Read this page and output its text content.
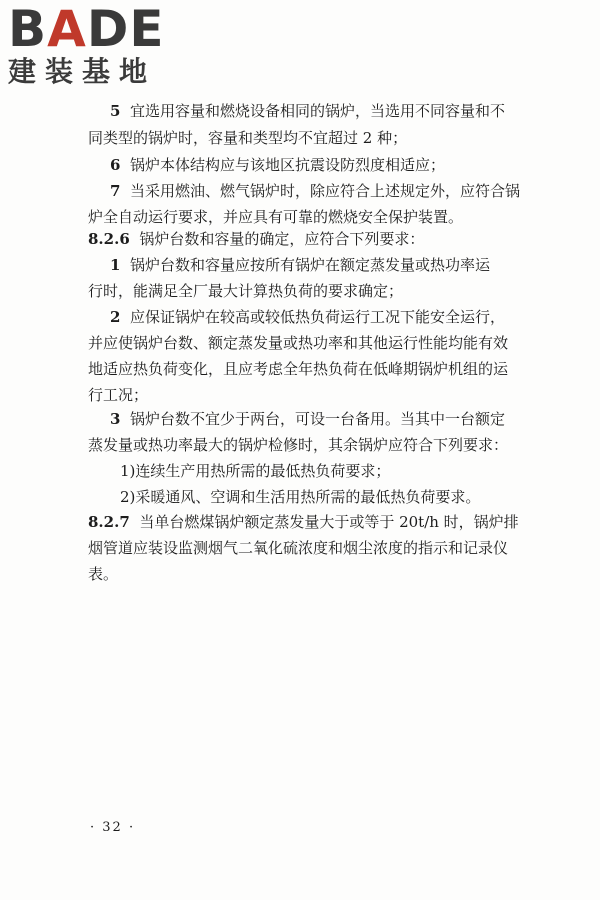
BADE
建装基地
5 宜选用容量和燃烧设备相同的锅炉，当选用不同容量和不
同类型的锅炉时，容量和类型均不宜超过 2 种；
6 锅炉本体结构应与该地区抗震设防烈度相适应；
7 当采用燃油、燃气锅炉时，除应符合上述规定外，应符合锅
炉全自动运行要求，并应具有可靠的燃烧安全保护装置。
8.2.6 锅炉台数和容量的确定，应符合下列要求：
1 锅炉台数和容量应按所有锅炉在额定蒸发量或热功率运
行时，能满足全厂最大计算热负荷的要求确定；
2 应保证锅炉在较高或较低热负荷运行工况下能安全运行，
并应使锅炉台数、额定蒸发量或热功率和其他运行性能均能有效
地适应热负荷变化，且应考虑全年热负荷在低峰期锅炉机组的运
行工况；
3 锅炉台数不宜少于两台，可设一台备用。当其中一台额定
蒸发量或热功率最大的锅炉检修时，其余锅炉应符合下列要求：
1)连续生产用热所需的最低热负荷要求；
2)采暖通风、空调和生活用热所需的最低热负荷要求。
8.2.7 当单台燃煤锅炉额定蒸发量大于或等于 20t/h 时，锅炉排
烟管道应装设监测烟气二氧化硫浓度和烟尘浓度的指示和记录仪
表。
· 32 ·
